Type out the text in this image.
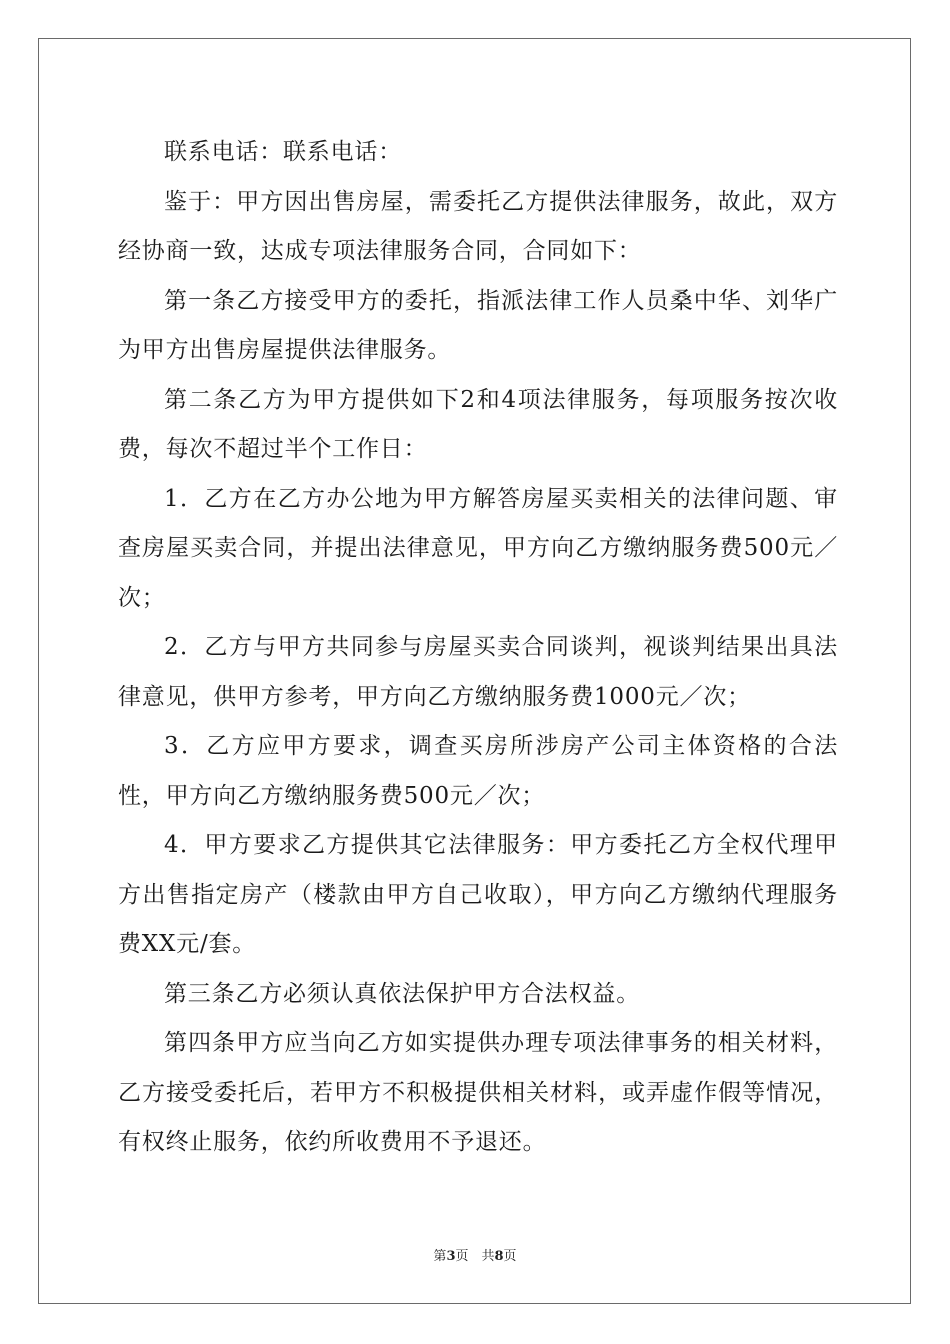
联系电话：联系电话：

鉴于：甲方因出售房屋，需委托乙方提供法律服务，故此，双方经协商一致，达成专项法律服务合同，合同如下：

第一条乙方接受甲方的委托，指派法律工作人员桑中华、刘华广为甲方出售房屋提供法律服务。

第二条乙方为甲方提供如下2和4项法律服务，每项服务按次收费，每次不超过半个工作日：

1．乙方在乙方办公地为甲方解答房屋买卖相关的法律问题、审查房屋买卖合同，并提出法律意见，甲方向乙方缴纳服务费500元／次；

2．乙方与甲方共同参与房屋买卖合同谈判，视谈判结果出具法律意见，供甲方参考，甲方向乙方缴纳服务费1000元／次；

3．乙方应甲方要求，调查买房所涉房产公司主体资格的合法性，甲方向乙方缴纳服务费500元／次；

4．甲方要求乙方提供其它法律服务：甲方委托乙方全权代理甲方出售指定房产（楼款由甲方自己收取），甲方向乙方缴纳代理服务费XX元/套。

第三条乙方必须认真依法保护甲方合法权益。

第四条甲方应当向乙方如实提供办理专项法律事务的相关材料，乙方接受委托后，若甲方不积极提供相关材料，或弄虚作假等情况，有权终止服务，依约所收费用不予退还。

第3页　共8页
